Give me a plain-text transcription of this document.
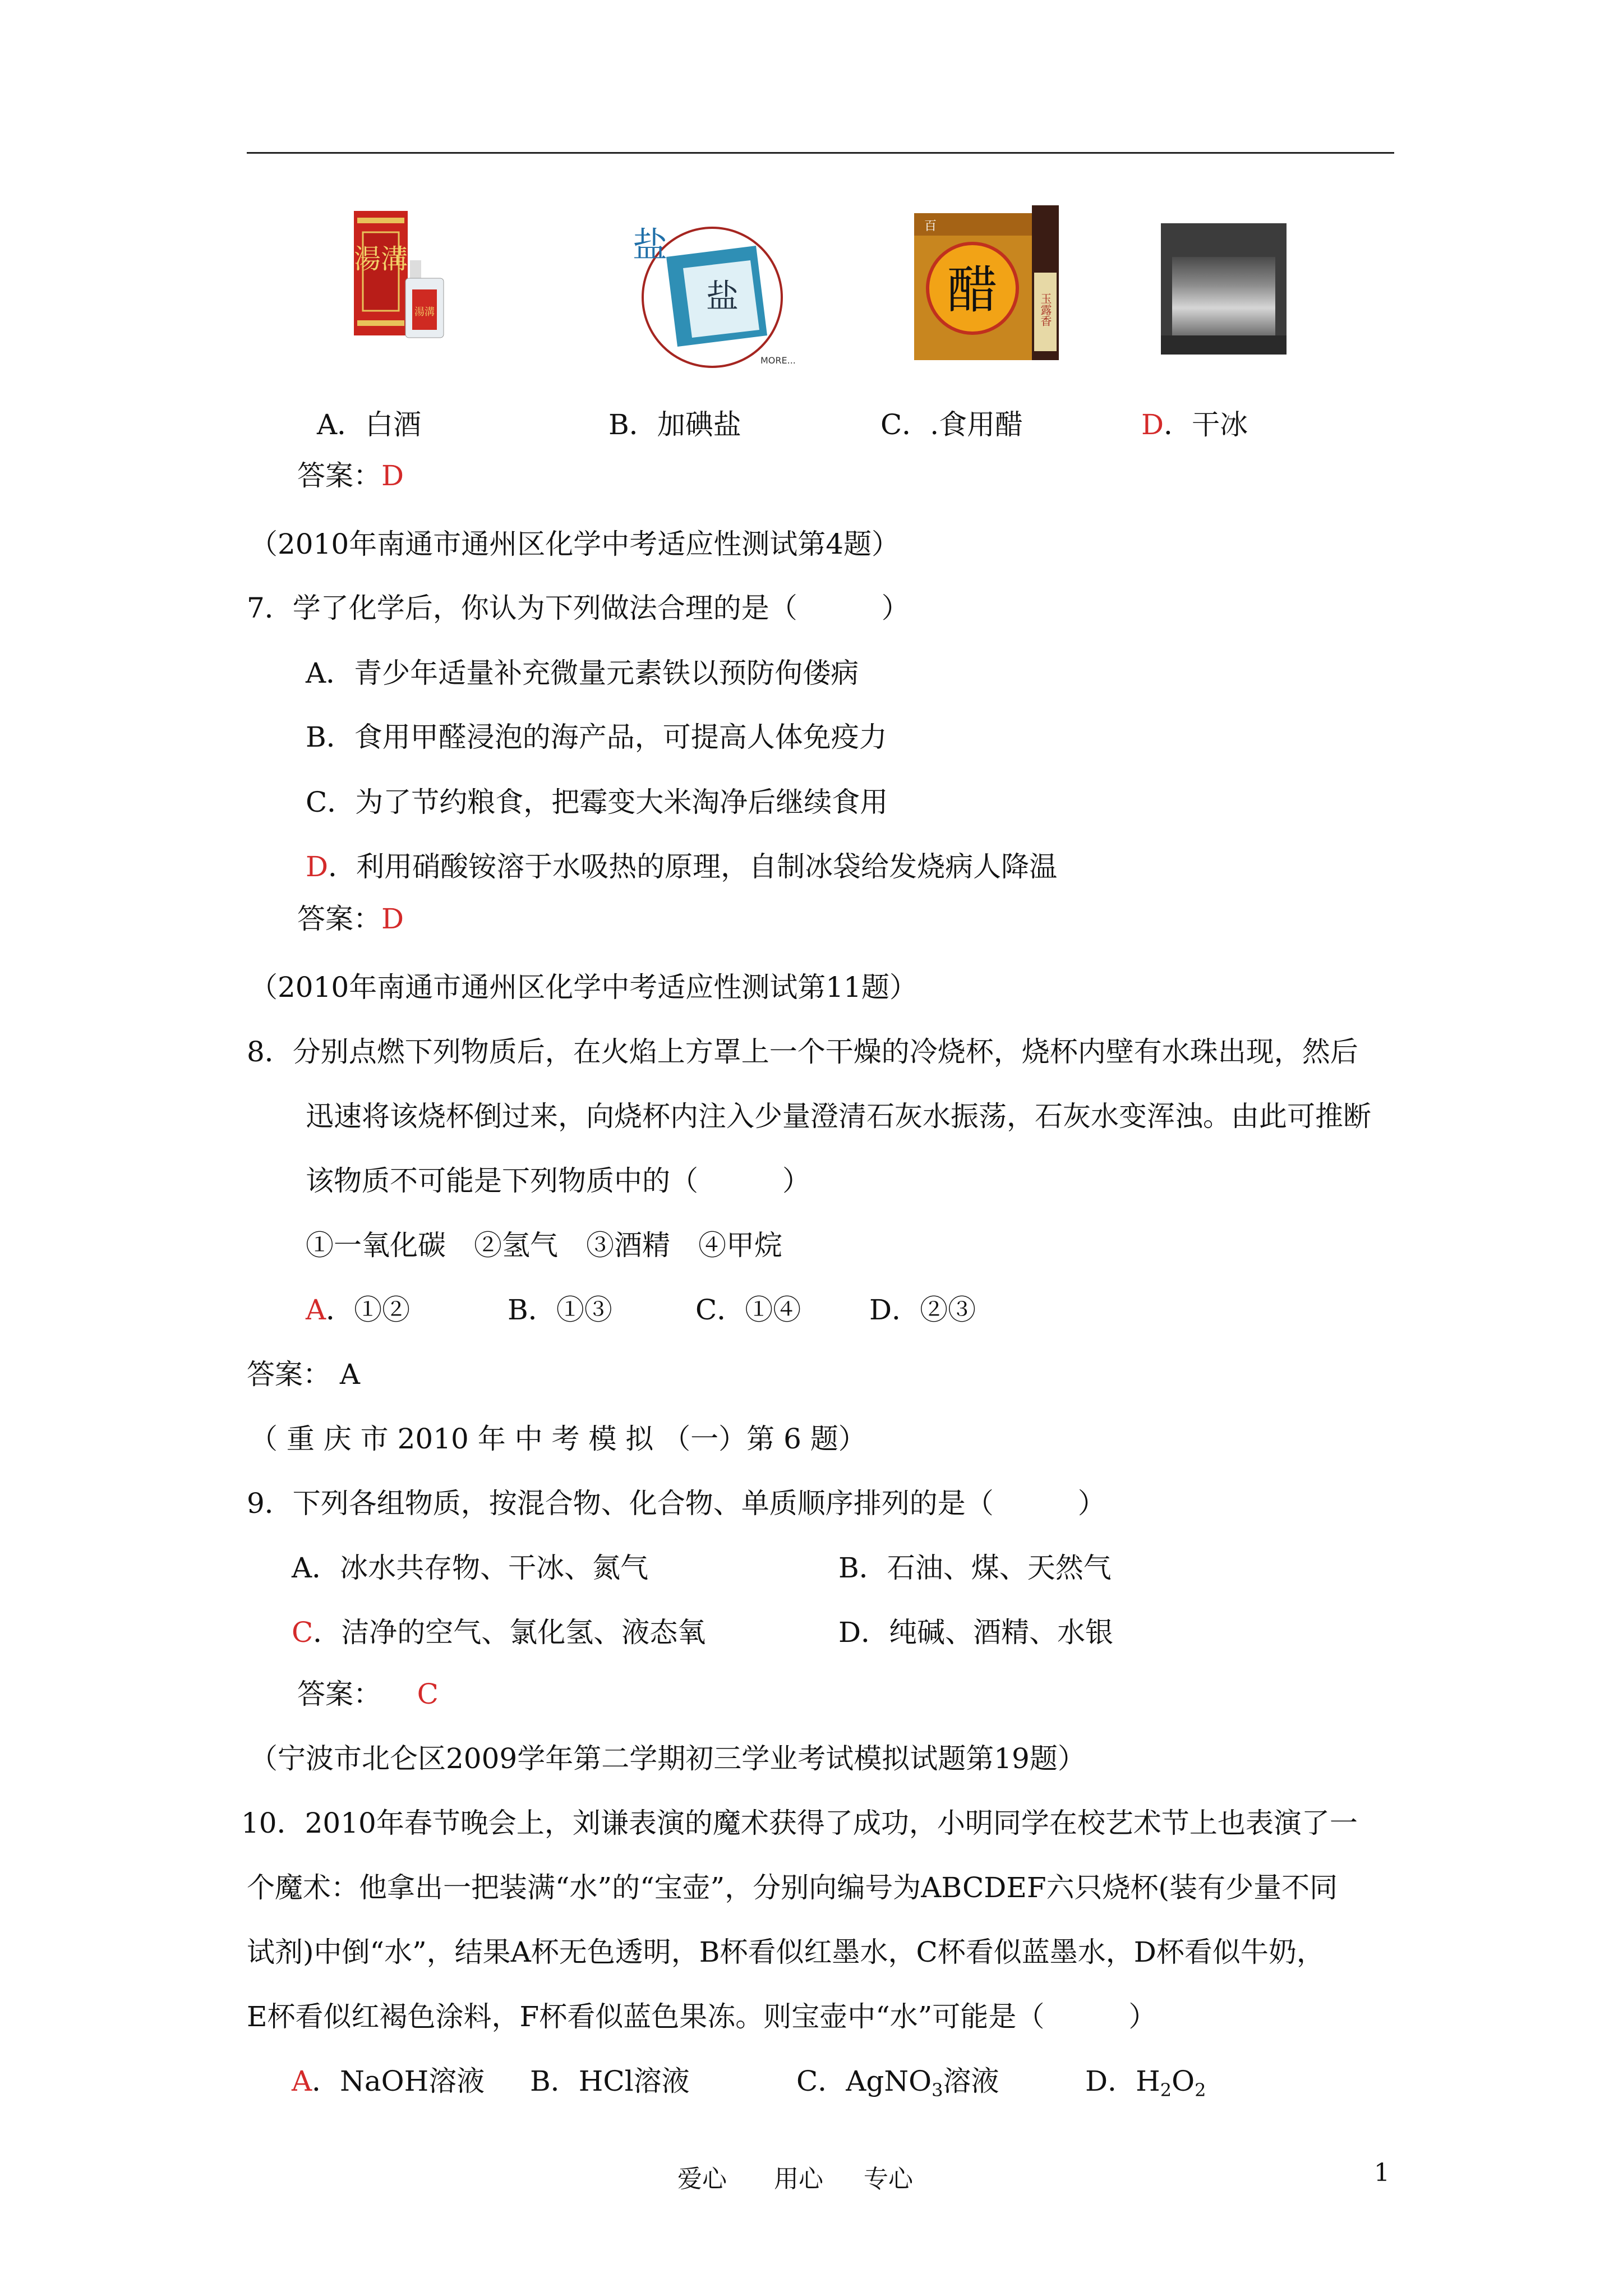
湯溝
湯溝
盐
盐
MORE...
百
醋	玉露香
A．白酒	B．加碘盐	C．.食用醋	D．干冰
答案：D
（2010年南通市通州区化学中考适应性测试第4题）
7．学了化学后，你认为下列做法合理的是（　　　）
A．青少年适量补充微量元素铁以预防佝偻病
B．食用甲醛浸泡的海产品，可提高人体免疫力
C．为了节约粮食，把霉变大米淘净后继续食用
D．利用硝酸铵溶于水吸热的原理，自制冰袋给发烧病人降温
答案：D
（2010年南通市通州区化学中考适应性测试第11题）
8．分别点燃下列物质后，在火焰上方罩上一个干燥的冷烧杯，烧杯内壁有水珠出现，然后
迅速将该烧杯倒过来，向烧杯内注入少量澄清石灰水振荡，石灰水变浑浊。由此可推断
该物质不可能是下列物质中的（　　　）
①一氧化碳　②氢气　③酒精　④甲烷
A．①②	B．①③	C．①④ D．②③
答案： A
（ 重 庆 市 2010 年 中 考 模 拟 （一）第 6 题）
9．下列各组物质，按混合物、化合物、单质顺序排列的是（　　　）
A．冰水共存物、干冰、氮气	B．石油、煤、天然气
C．洁净的空气、氯化氢、液态氧	D．纯碱、酒精、水银
答案： C
（宁波市北仑区2009学年第二学期初三学业考试模拟试题第19题）
10．2010年春节晚会上，刘谦表演的魔术获得了成功，小明同学在校艺术节上也表演了一
个魔术：他拿出一把装满“水”的“宝壶”，分别向编号为ABCDEF六只烧杯(装有少量不同
试剂)中倒“水”，结果A杯无色透明，B杯看似红墨水，C杯看似蓝墨水，D杯看似牛奶，
E杯看似红褐色涂料，F杯看似蓝色果冻。则宝壶中“水”可能是（　　　）
A．NaOH溶液 B．HCl溶液	C．AgNO$_3$溶液	D．$H_2O_2$
爱心 用心 专心	1
